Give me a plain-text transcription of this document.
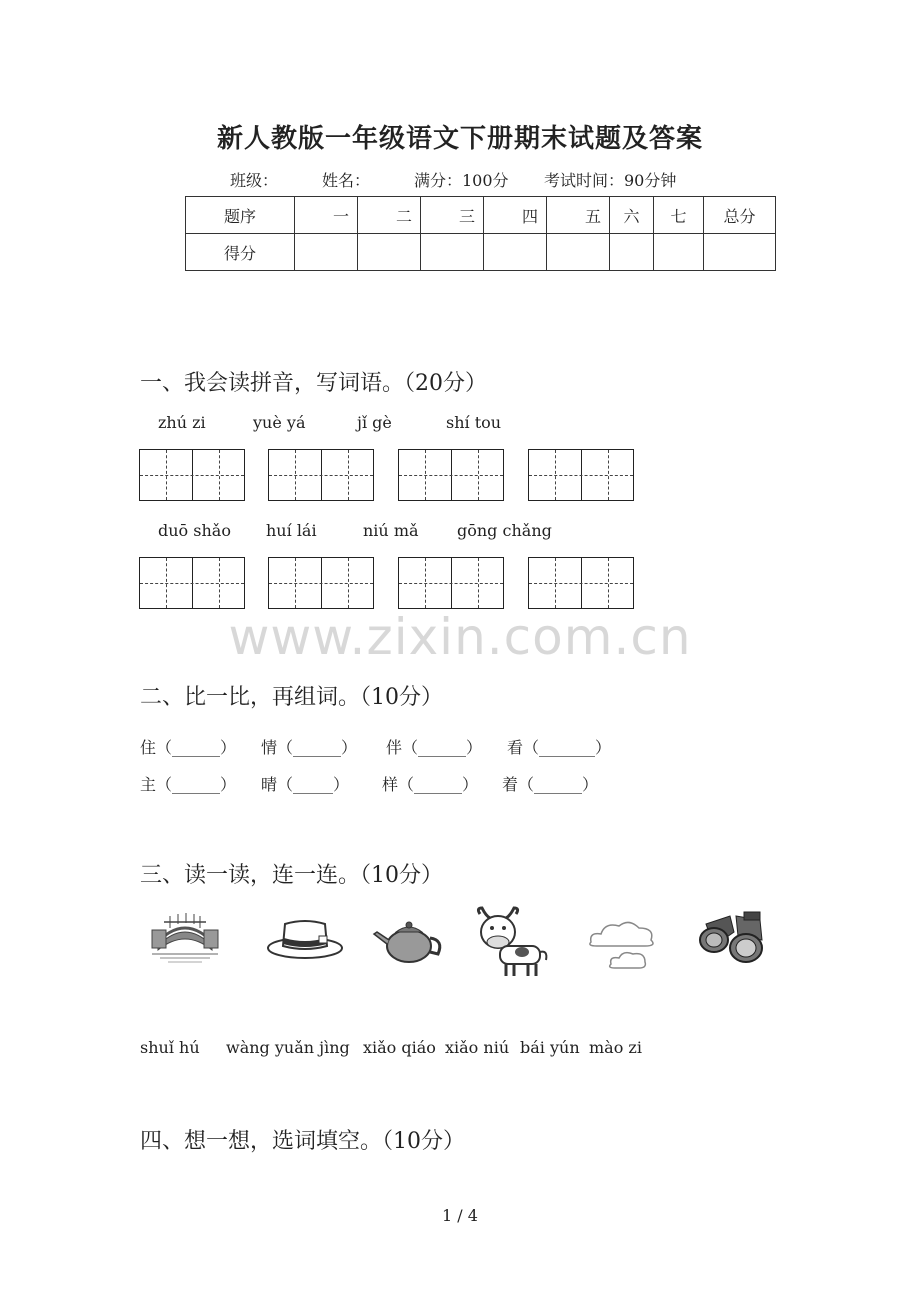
新人教版一年级语文下册期末试题及答案
班级：	姓名：	满分：100分 考试时间：90分钟
题序	一	二	三	四	五	六	七	总分
得分								
一、我会读拼音，写词语。（20分）
zhú zi	yuè yá	jǐ gè	shí tou
duō shǎo huí lái	niú mǎ gōng chǎng
www.zixin.com.cn
二、比一比，再组词。（10分）
住（______） 情（______） 伴（______） 看（_______）
主（______） 晴（_____） 样（______） 着（______）
三、读一读，连一连。（10分）
shuǐ hú wàng yuǎn jìng xiǎo qiáo xiǎo niú bái yún mào zi
四、想一想，选词填空。（10分）
1 / 4
